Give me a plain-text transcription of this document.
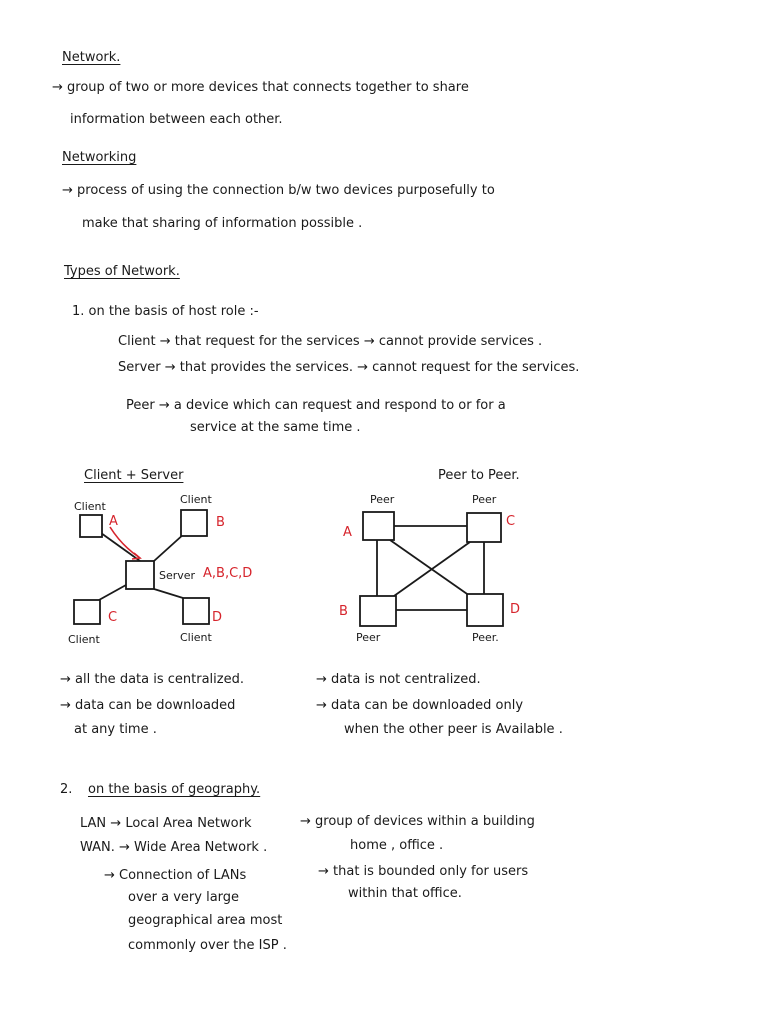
Network.
→ group of two or more devices that connects together to share
information between each other.
Networking
→ process of using the connection b/w two devices purposefully to
make that sharing of information possible .
Types of Network.
1. on the basis of host role :-
Client → that request for the services → cannot provide services .
Server → that provides the services. → cannot request for the services.
Peer → a device which can request and respond to or for a
service at the same time .
Client + Server
Client
Client
A	B
Server A,B,C,D
C	D
Client	Client
Peer to Peer.
Peer	Peer
A
C
B	D
Peer	Peer.
→ all the data is centralized.
→ data can be downloaded
at any time .
→ data is not centralized.
→ data can be downloaded only
when the other peer is Available .
2. on the basis of geography.
LAN → Local Area Network	→ group of devices within a building
WAN. → Wide Area Network .	home , office .
→ that is bounded only for users
within that office.
→ Connection of LANs
over a very large
geographical area most
commonly over the ISP .
